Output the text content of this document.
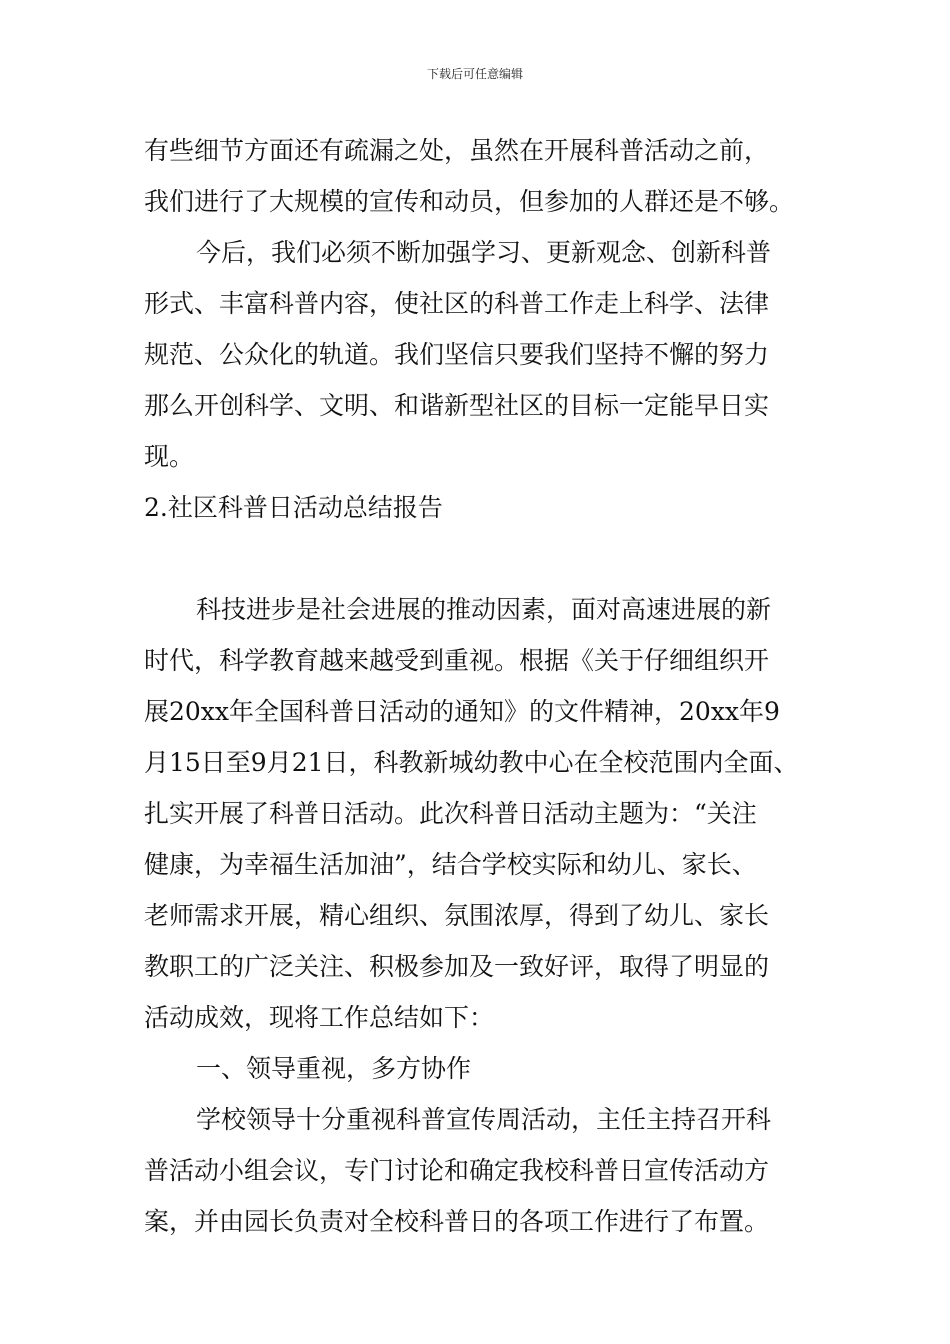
下载后可任意编辑
有些细节方面还有疏漏之处，虽然在开展科普活动之前，
我们进行了大规模的宣传和动员，但参加的人群还是不够。
今后，我们必须不断加强学习、更新观念、创新科普
形式、丰富科普内容，使社区的科普工作走上科学、法律
规范、公众化的轨道。我们坚信只要我们坚持不懈的努力
那么开创科学、文明、和谐新型社区的目标一定能早日实
现。
2.社区科普日活动总结报告
科技进步是社会进展的推动因素，面对高速进展的新
时代，科学教育越来越受到重视。根据《关于仔细组织开
展20xx年全国科普日活动的通知》的文件精神，20xx年9
月15日至9月21日，科教新城幼教中心在全校范围内全面、
扎实开展了科普日活动。此次科普日活动主题为：“关注
健康，为幸福生活加油”，结合学校实际和幼儿、家长、
老师需求开展，精心组织、氛围浓厚，得到了幼儿、家长
教职工的广泛关注、积极参加及一致好评，取得了明显的
活动成效，现将工作总结如下：
一、领导重视，多方协作
学校领导十分重视科普宣传周活动，主任主持召开科
普活动小组会议，专门讨论和确定我校科普日宣传活动方
案，并由园长负责对全校科普日的各项工作进行了布置。
